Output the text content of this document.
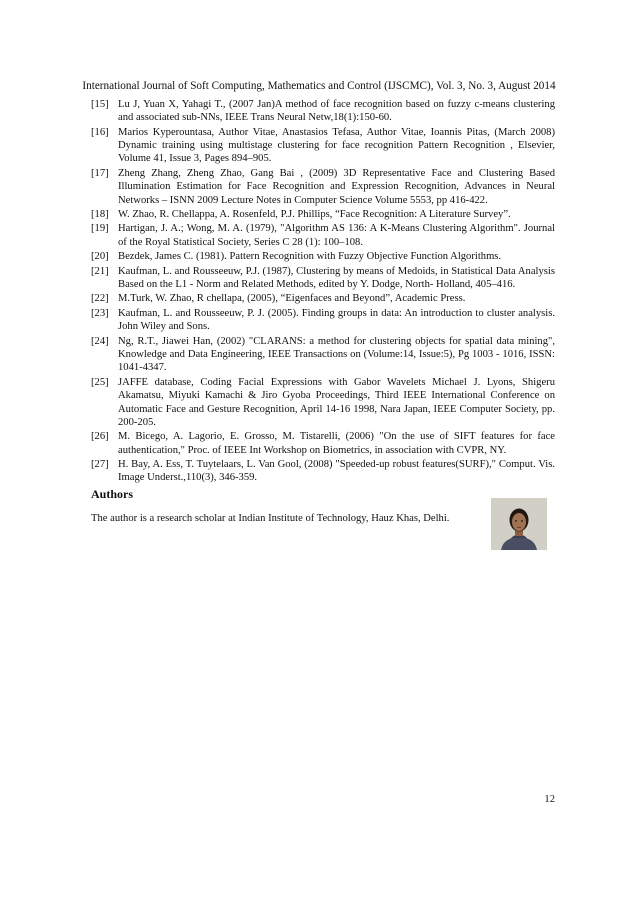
International Journal of Soft Computing, Mathematics and Control (IJSCMC), Vol. 3, No. 3, August 2014
[15] Lu J, Yuan X, Yahagi T., (2007 Jan)A method of face recognition based on fuzzy c-means clustering and associated sub-NNs, IEEE Trans Neural Netw,18(1):150-60.
[16] Marios Kyperountasa, Author Vitae, Anastasios Tefasa, Author Vitae, Ioannis Pitas, (March 2008) Dynamic training using multistage clustering for face recognition Pattern Recognition , Elsevier, Volume 41, Issue 3, Pages 894–905.
[17] Zheng Zhang, Zheng Zhao, Gang Bai , (2009) 3D Representative Face and Clustering Based Illumination Estimation for Face Recognition and Expression Recognition, Advances in Neural Networks – ISNN 2009 Lecture Notes in Computer Science Volume 5553, pp 416-422.
[18] W. Zhao, R. Chellappa, A. Rosenfeld, P.J. Phillips, “Face Recognition: A Literature Survey”.
[19] Hartigan, J. A.; Wong, M. A. (1979), "Algorithm AS 136: A K-Means Clustering Algorithm". Journal of the Royal Statistical Society, Series C 28 (1): 100–108.
[20] Bezdek, James C. (1981). Pattern Recognition with Fuzzy Objective Function Algorithms.
[21] Kaufman, L. and Rousseeuw, P.J. (1987), Clustering by means of Medoids, in Statistical Data Analysis Based on the L1 - Norm and Related Methods, edited by Y. Dodge, North- Holland, 405–416.
[22] M.Turk, W. Zhao, R chellapa, (2005), “Eigenfaces and Beyond”, Academic Press.
[23] Kaufman, L. and Rousseeuw, P. J. (2005). Finding groups in data: An introduction to cluster analysis. John Wiley and Sons.
[24] Ng, R.T., Jiawei Han, (2002) "CLARANS: a method for clustering objects for spatial data mining", Knowledge and Data Engineering, IEEE Transactions on (Volume:14, Issue:5), Pg 1003 - 1016, ISSN: 1041-4347.
[25] JAFFE database, Coding Facial Expressions with Gabor Wavelets Michael J. Lyons, Shigeru Akamatsu, Miyuki Kamachi & Jiro Gyoba Proceedings, Third IEEE International Conference on Automatic Face and Gesture Recognition, April 14-16 1998, Nara Japan, IEEE Computer Society, pp. 200-205.
[26] M. Bicego, A. Lagorio, E. Grosso, M. Tistarelli, (2006) "On the use of SIFT features for face authentication," Proc. of IEEE Int Workshop on Biometrics, in association with CVPR, NY.
[27] H. Bay, A. Ess, T. Tuytelaars, L. Van Gool, (2008) "Speeded-up robust features(SURF)," Comput. Vis. Image Underst.,110(3), 346-359.
Authors

The author is a research scholar at Indian Institute of Technology, Hauz Khas, Delhi.

12
